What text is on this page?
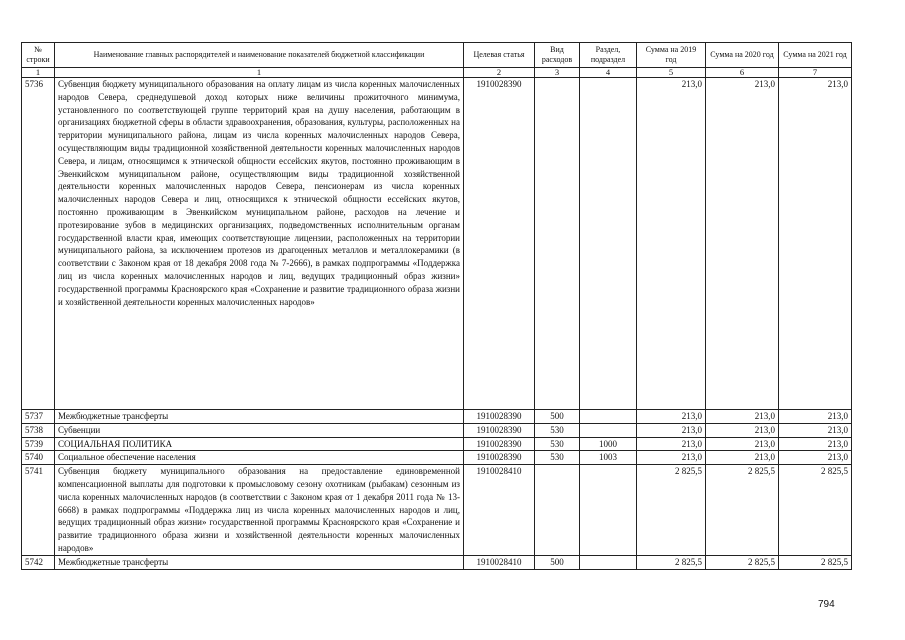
№ строки	Наименование главных распорядителей и наименование показателей бюджетной классификации	Целевая статья	Вид расходов	Раздел, подраздел	Сумма на 2019 год	Сумма на 2020 год	Сумма на 2021 год
1	1	2	3	4	5	6	7
5736	Субвенция бюджету муниципального образования на оплату лицам из числа коренных малочисленных народов Севера, среднедушевой доход которых ниже величины прожиточного минимума, установленного по соответствующей группе территорий края на душу населения, работающим в организациях бюджетной сферы в области здравоохранения, образования, культуры, расположенных на территории муниципального района, лицам из числа коренных малочисленных народов Севера, осуществляющим виды традиционной хозяйственной деятельности коренных малочисленных народов Севера, и лицам, относящимся к этнической общности ессейских якутов, постоянно проживающим в Эвенкийском муниципальном районе, осуществляющим виды традиционной хозяйственной деятельности коренных малочисленных народов Севера, пенсионерам из числа коренных малочисленных народов Севера и лиц, относящихся к этнической общности ессейских якутов, постоянно проживающим в Эвенкийском муниципальном районе, расходов на лечение и протезирование зубов в медицинских организациях, подведомственных исполнительным органам государственной власти края, имеющих соответствующие лицензии, расположенных на территории муниципального района, за исключением протезов из драгоценных металлов и металлокерамики (в соответствии с Законом края от 18 декабря 2008 года № 7-2666), в рамках подпрограммы «Поддержка лиц из числа коренных малочисленных народов и лиц, ведущих традиционный образ жизни» государственной программы Красноярского края «Сохранение и развитие традиционного образа жизни и хозяйственной деятельности коренных малочисленных народов»	1910028390			213,0	213,0	213,0
5737	Межбюджетные трансферты	1910028390	500		213,0	213,0	213,0
5738	Субвенции	1910028390	530		213,0	213,0	213,0
5739	СОЦИАЛЬНАЯ ПОЛИТИКА	1910028390	530	1000	213,0	213,0	213,0
5740	Социальное обеспечение населения	1910028390	530	1003	213,0	213,0	213,0
5741	Субвенция бюджету муниципального образования на предоставление единовременной компенсационной выплаты для подготовки к промысловому сезону охотникам (рыбакам) сезонным из числа коренных малочисленных народов (в соответствии с Законом края от 1 декабря 2011 года № 13-6668) в рамках подпрограммы «Поддержка лиц из числа коренных малочисленных народов и лиц, ведущих традиционный образ жизни» государственной программы Красноярского края «Сохранение и развитие традиционного образа жизни и хозяйственной деятельности коренных малочисленных народов»	1910028410			2 825,5	2 825,5	2 825,5
5742	Межбюджетные трансферты	1910028410	500		2 825,5	2 825,5	2 825,5
794
